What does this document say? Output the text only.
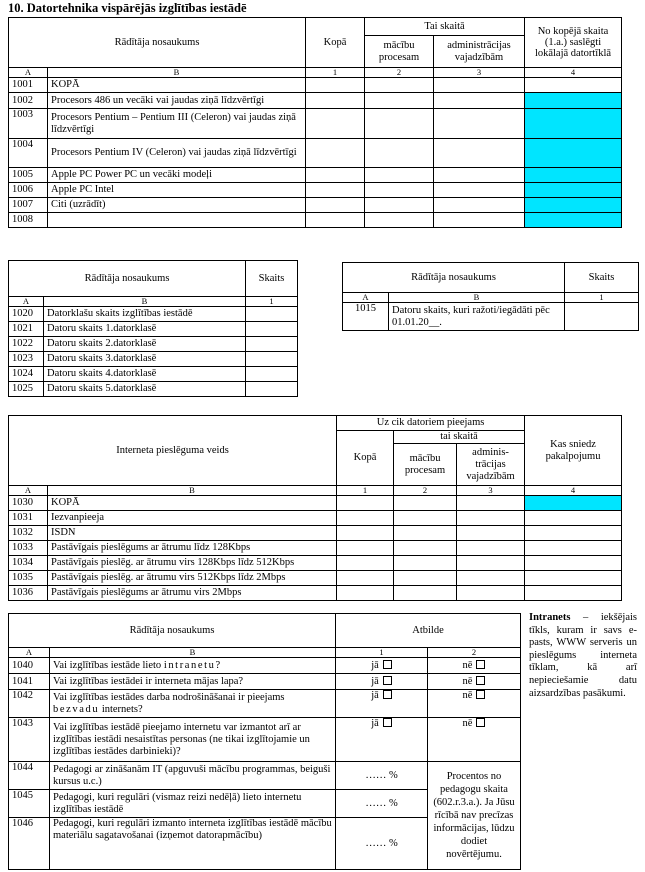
10. Datortehnika vispārējās izglītības iestādē
Rādītāja nosaukums		Kopā	Tai skaitā		No kopējā skaita (1.a.) saslēgti lokālajā datortīklā
			mācību procesam	administrācijas vajadzībām	
A	B	1	2	3	4
1001	KOPĀ				
1002	Procesors 486 un vecāki vai jaudas ziņā līdzvērtīgi				
1003	Procesors Pentium – Pentium III (Celeron) vai jaudas ziņā līdzvērtīgi				
1004	Procesors Pentium IV (Celeron) vai jaudas ziņā līdzvērtīgi				
1005	Apple PC Power PC un vecāki modeļi				
1006	Apple PC Intel				
1007	Citi (uzrādīt)				
1008					
Rādītāja nosaukums		Skaits
A	B	1
1020	Datorklašu skaits izglītības iestādē	
1021	Datoru skaits 1.datorklasē	
1022	Datoru skaits 2.datorklasē	
1023	Datoru skaits 3.datorklasē	
1024	Datoru skaits 4.datorklasē	
1025	Datoru skaits 5.datorklasē	
Rādītāja nosaukums		Skaits
A	B	1
1015	Datoru skaits, kuri ražoti/iegādāti pēc 01.01.20__.	
Interneta pieslēguma veids		Uz cik datoriem pieejams			Kas sniedz pakalpojumu
		Kopā	tai skaitā		
			mācību procesam	adminis-trācijas vajadzībām	
A	B	1	2	3	4
1030	KOPĀ				
1031	Iezvanpieeja				
1032	ISDN				
1033	Pastāvīgais pieslēgums ar ātrumu līdz 128Kbps				
1034	Pastāvīgais pieslēg. ar ātrumu virs 128Kbps līdz 512Kbps				
1035	Pastāvīgais pieslēg. ar ātrumu virs 512Kbps līdz 2Mbps				
1036	Pastāvīgais pieslēgums ar ātrumu virs 2Mbps				
Rādītāja nosaukums		Atbilde	
A	B	1	2
1040	Vai izglītības iestāde lieto intranetu?	jā	nē
1041	Vai izglītības iestādei ir interneta mājas lapa?	jā	nē
1042	Vai izglītības iestādes darba nodrošināšanai ir pieejams bezvadu internets?	jā	nē
1043	Vai izglītības iestādē pieejamo internetu var izmantot arī ar izglītības iestādi nesaistītas personas (ne tikai izglītojamie un izglītības iestādes darbinieki)?	jā	nē
1044	Pedagogi ar zināšanām IT (apguvuši mācību programmas, beiguši kursus u.c.)	…… %	Procentos no pedagogu skaita (602.r.3.a.). Ja Jūsu rīcībā nav precīzas informācijas, lūdzu dodiet novērtējumu.
1045	Pedagogi, kuri regulāri (vismaz reizi nedēļā) lieto internetu izglītības iestādē	…… %	
1046	Pedagogi, kuri regulāri izmanto interneta izglītības iestādē mācību materiālu sagatavošanai (izņemot datorapmācību)	…… %	
Intranets – iekšējais tīkls, kuram ir savs e-pasts, WWW serveris un pieslēgums interneta tīklam, kā arī nepieciešamie datu aizsardzības pasākumi.
